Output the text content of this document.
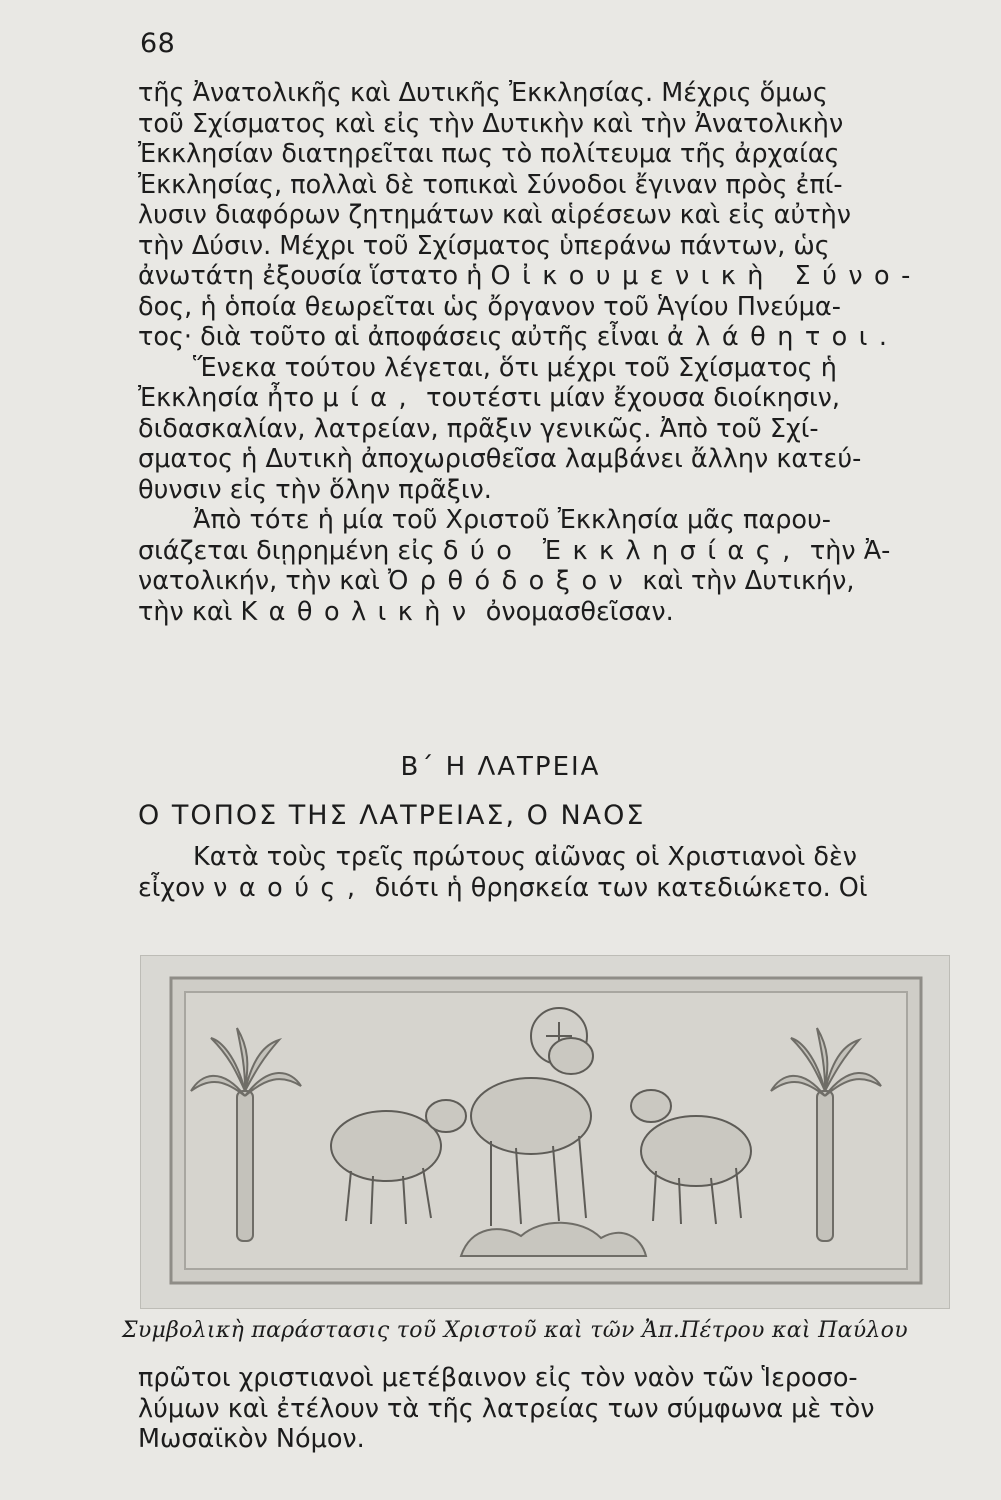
68
τῆς Ἀνατολικῆς καὶ Δυτικῆς Ἐκκλησίας. Μέχρις ὅμως
τοῦ Σχίσματος καὶ εἰς τὴν Δυτικὴν καὶ τὴν Ἀνατολικὴν
Ἐκκλησίαν διατηρεῖται πως τὸ πολίτευμα τῆς ἀρχαίας
Ἐκκλησίας, πολλαὶ δὲ τοπικαὶ Σύνοδοι ἔγιναν πρὸς ἐπί-
λυσιν διαφόρων ζητημάτων καὶ αἱρέσεων καὶ εἰς αὐτὴν
τὴν Δύσιν. Μέχρι τοῦ Σχίσματος ὑπεράνω πάντων, ὡς
ἀνωτάτη ἐξουσία ἵστατο ἡ Οἰκουμενικὴ Σύνο-
δος, ἡ ὁποία θεωρεῖται ὡς ὄργανον τοῦ Ἁγίου Πνεύμα-
τος· διὰ τοῦτο αἱ ἀποφάσεις αὐτῆς εἶναι ἀλάθητοι.
Ἕνεκα τούτου λέγεται, ὅτι μέχρι τοῦ Σχίσματος ἡ
Ἐκκλησία ἦτο μία, τουτέστι μίαν ἔχουσα διοίκησιν,
διδασκαλίαν, λατρείαν, πρᾶξιν γενικῶς. Ἀπὸ τοῦ Σχί-
σματος ἡ Δυτικὴ ἀποχωρισθεῖσα λαμβάνει ἄλλην κατεύ-
θυνσιν εἰς τὴν ὅλην πρᾶξιν.
Ἀπὸ τότε ἡ μία τοῦ Χριστοῦ Ἐκκλησία μᾶς παρου-
σιάζεται διῃρημένη εἰς δύο Ἐκκλησίας, τὴν Ἀ-
νατολικήν, τὴν καὶ Ὀρθόδοξον καὶ τὴν Δυτικήν,
τὴν καὶ Καθολικὴν ὀνομασθεῖσαν.
Β΄ Η ΛΑΤΡΕΙΑ
Ο ΤΟΠΟΣ ΤΗΣ ΛΑΤΡΕΙΑΣ, Ο ΝΑΟΣ
Κατὰ τοὺς τρεῖς πρώτους αἰῶνας οἱ Χριστιανοὶ δὲν
εἶχον ναούς, διότι ἡ θρησκεία των κατεδιώκετο. Οἱ
Συμβολικὴ παράστασις τοῦ Χριστοῦ καὶ τῶν Ἀπ.Πέτρου καὶ Παύλου
πρῶτοι χριστιανοὶ μετέβαινον εἰς τὸν ναὸν τῶν Ἱεροσο-
λύμων καὶ ἐτέλουν τὰ τῆς λατρείας των σύμφωνα μὲ τὸν
Μωσαϊκὸν Νόμον.
